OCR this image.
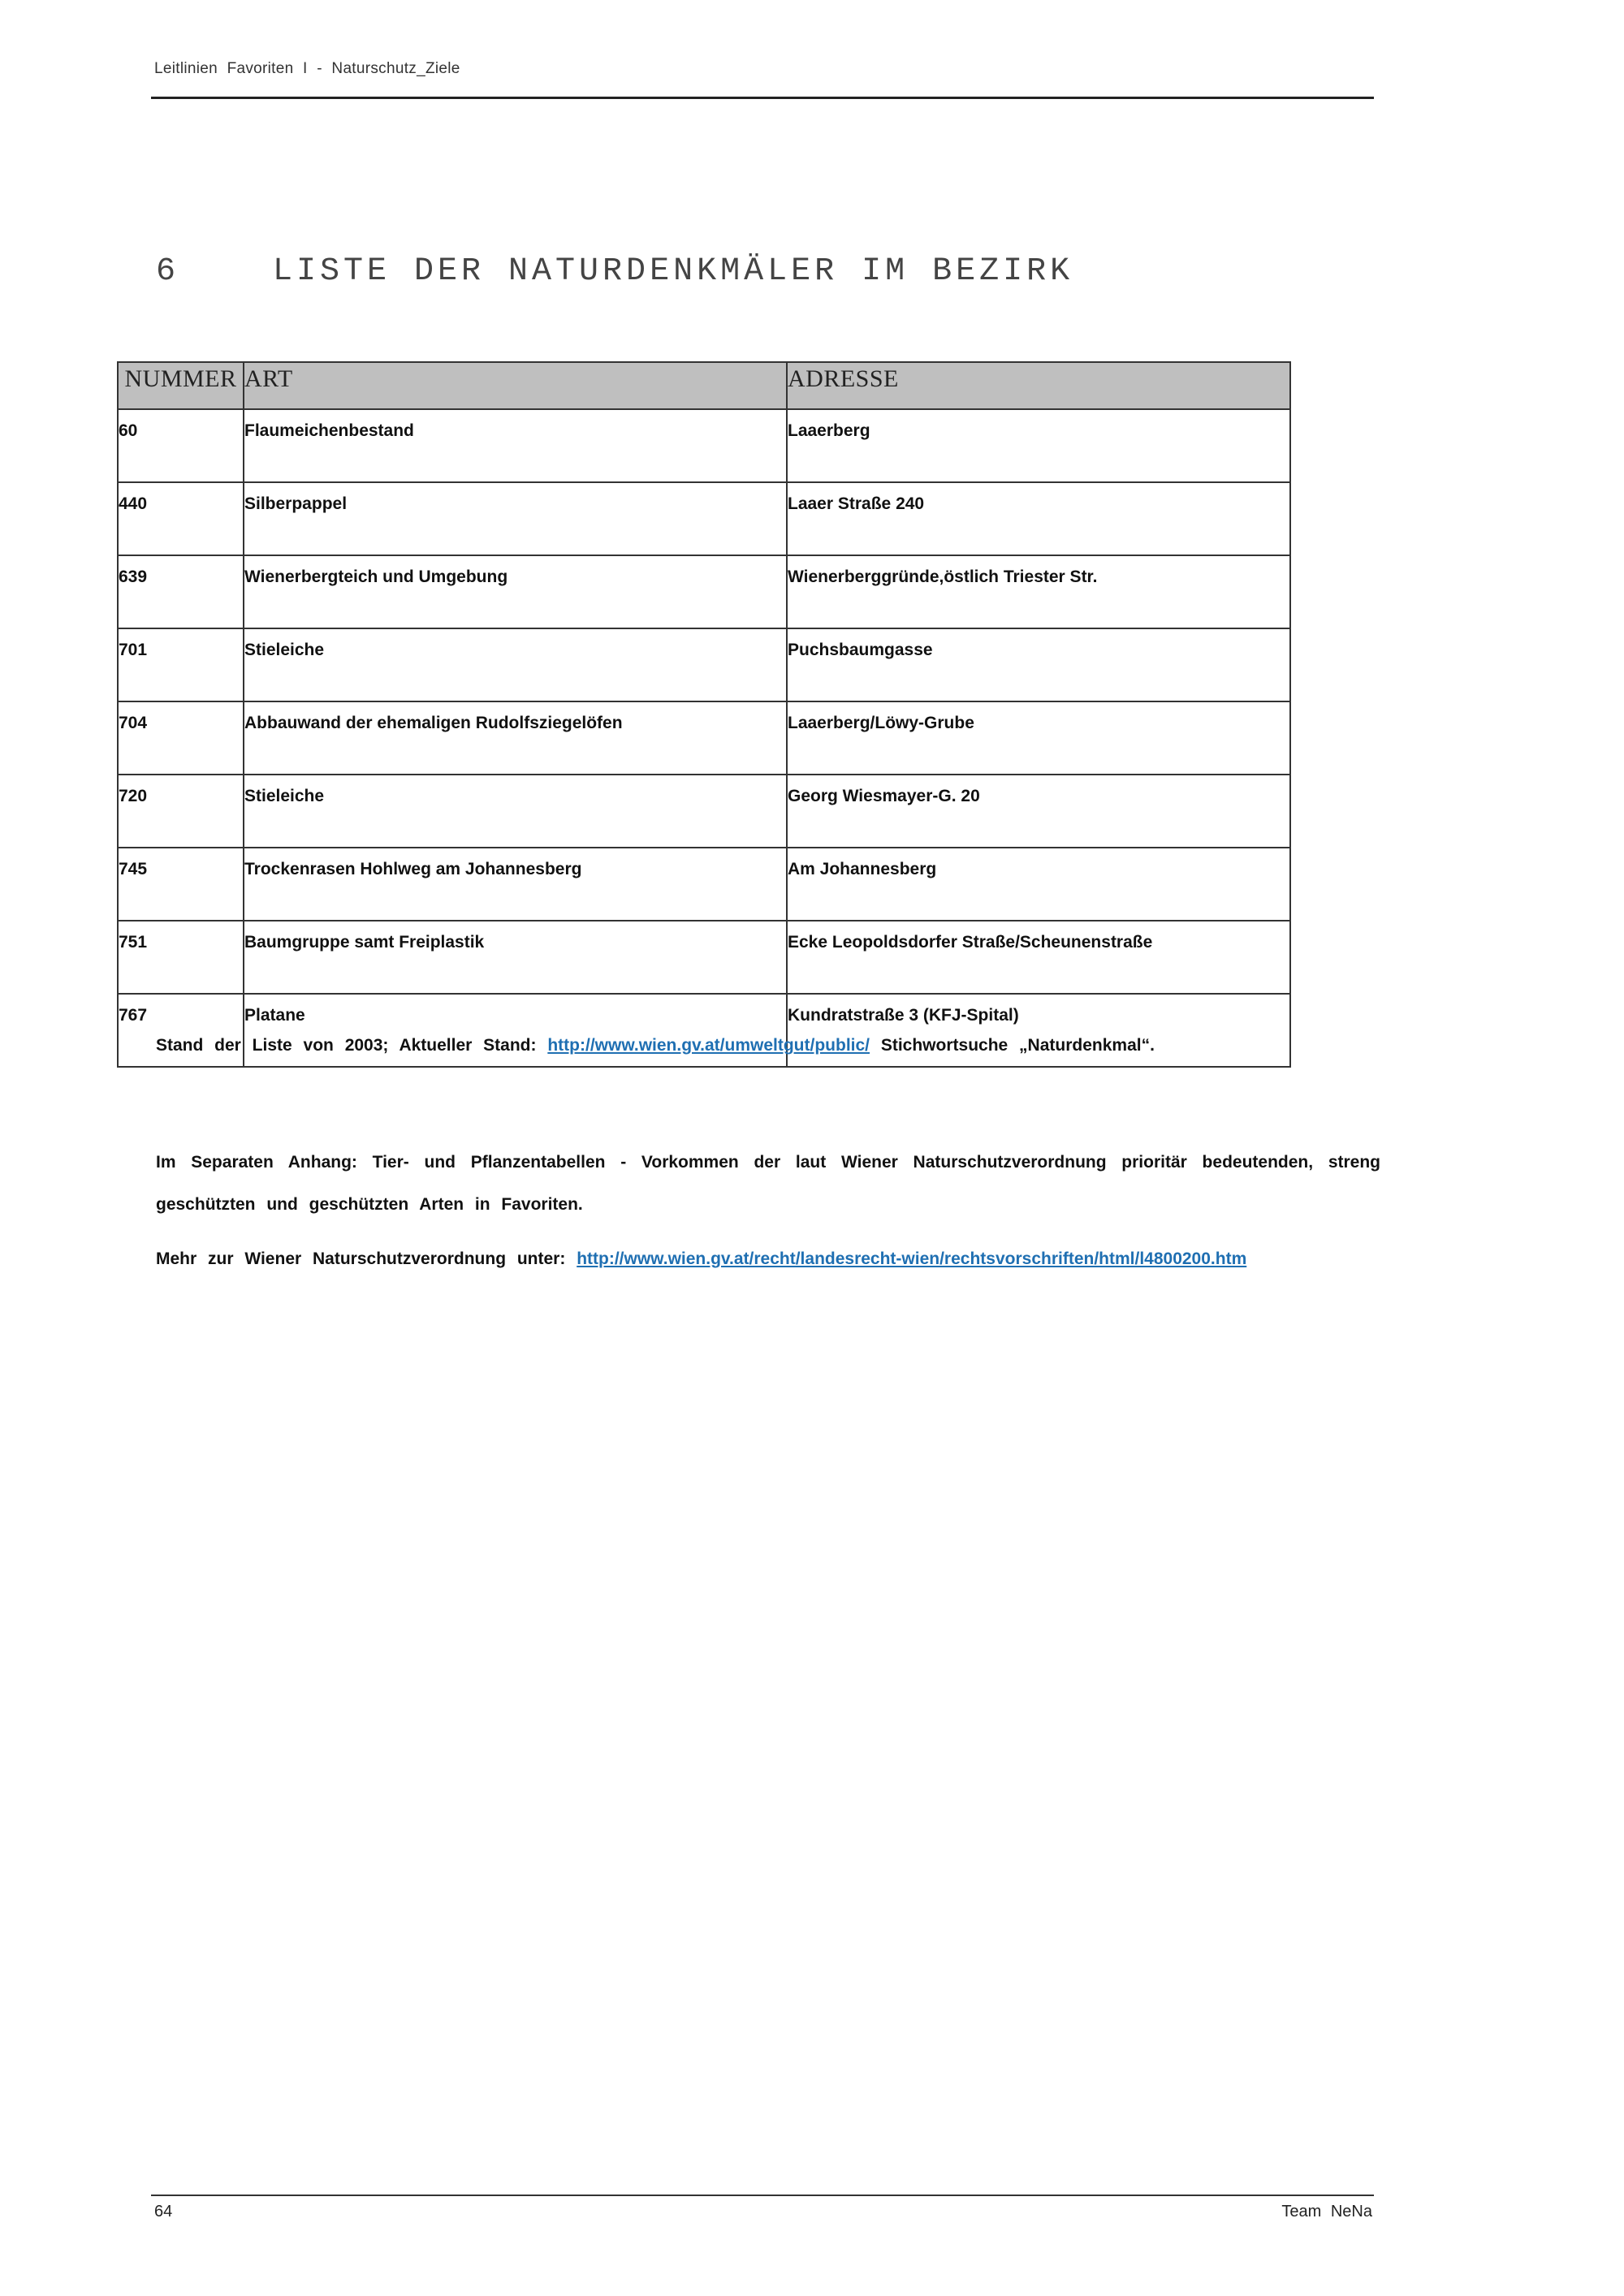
Leitlinien Favoriten I - Naturschutz_Ziele
6	LISTE DER NATURDENKMÄLER IM BEZIRK
NUMMER	ART	ADRESSE
60	Flaumeichenbestand	Laaerberg
440	Silberpappel	Laaer Straße 240
639	Wienerbergteich und Umgebung	Wienerberggründe,östlich Triester Str.
701	Stieleiche	Puchsbaumgasse
704	Abbauwand der ehemaligen Rudolfsziegelöfen	Laaerberg/Löwy-Grube
720	Stieleiche	Georg Wiesmayer-G. 20
745	Trockenrasen Hohlweg am Johannesberg	Am Johannesberg
751	Baumgruppe samt Freiplastik	Ecke Leopoldsdorfer Straße/Scheunenstraße
767	Platane	Kundratstraße 3 (KFJ-Spital)
Stand der Liste von 2003; Aktueller Stand: http://www.wien.gv.at/umweltgut/public/ Stichwortsuche „Naturdenkmal“.
Im Separaten Anhang: Tier- und Pflanzentabellen - Vorkommen der laut Wiener Naturschutzverordnung prioritär bedeutenden, streng geschützten und geschützten Arten in Favoriten.
Mehr zur Wiener Naturschutzverordnung unter: http://www.wien.gv.at/recht/landesrecht-wien/rechtsvorschriften/html/l4800200.htm
64	Team NeNa
